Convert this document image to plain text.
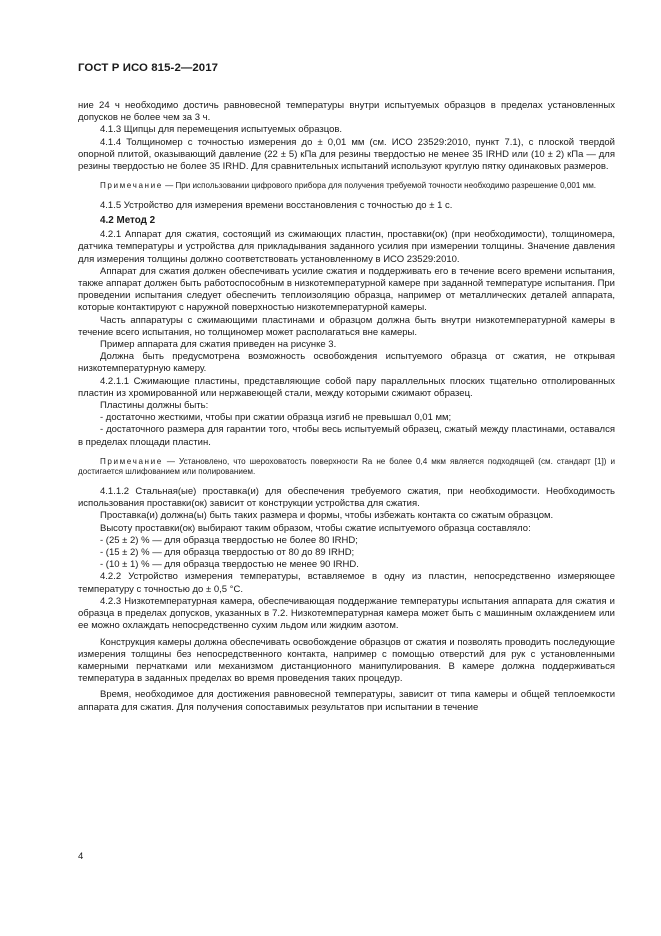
ГОСТ Р ИСО 815-2—2017

ние 24 ч необходимо достичь равновесной температуры внутри испытуемых образцов в пределах установленных допусков не более чем за 3 ч.

4.1.3 Щипцы для перемещения испытуемых образцов.

4.1.4 Толщиномер с точностью измерения до ± 0,01 мм (см. ИСО 23529:2010, пункт 7.1), с плоской твердой опорной плитой, оказывающий давление (22 ± 5) кПа для резины твердостью не менее 35 IRHD или (10 ± 2) кПа — для резины твердостью не более 35 IRHD. Для сравнительных испытаний используют круглую пятку одинаковых размеров.

Примечание — При использовании цифрового прибора для получения требуемой точности необходимо разрешение 0,001 мм.

4.1.5 Устройство для измерения времени восстановления с точностью до ± 1 с.

4.2 Метод 2

4.2.1 Аппарат для сжатия, состоящий из сжимающих пластин, проставки(ок) (при необходимости), толщиномера, датчика температуры и устройства для прикладывания заданного усилия при измерении толщины. Значение давления для измерения толщины должно соответствовать установленному в ИСО 23529:2010.

Аппарат для сжатия должен обеспечивать усилие сжатия и поддерживать его в течение всего времени испытания, также аппарат должен быть работоспособным в низкотемпературной камере при заданной температуре испытания. При проведении испытания следует обеспечить теплоизоляцию образца, например от металлических деталей аппарата, которые контактируют с наружной поверхностью низкотемпературной камеры.

Часть аппаратуры с сжимающими пластинами и образцом должна быть внутри низкотемпературной камеры в течение всего испытания, но толщиномер может располагаться вне камеры.

Пример аппарата для сжатия приведен на рисунке 3.

Должна быть предусмотрена возможность освобождения испытуемого образца от сжатия, не открывая низкотемпературную камеру.

4.2.1.1 Сжимающие пластины, представляющие собой пару параллельных плоских тщательно отполированных пластин из хромированной или нержавеющей стали, между которыми сжимают образец.

Пластины должны быть:

- достаточно жесткими, чтобы при сжатии образца изгиб не превышал 0,01 мм;

- достаточного размера для гарантии того, чтобы весь испытуемый образец, сжатый между пластинами, оставался в пределах площади пластин.

Примечание — Установлено, что шероховатость поверхности Ra не более 0,4 мкм является подходящей (см. стандарт [1]) и достигается шлифованием или полированием.

4.1.1.2 Стальная(ые) проставка(и) для обеспечения требуемого сжатия, при необходимости. Необходимость использования проставки(ок) зависит от конструкции устройства для сжатия.

Проставка(и) должна(ы) быть таких размера и формы, чтобы избежать контакта со сжатым образцом.

Высоту проставки(ок) выбирают таким образом, чтобы сжатие испытуемого образца составляло:

- (25 ± 2) % — для образца твердостью не более 80 IRHD;

- (15 ± 2) % — для образца твердостью от 80 до 89 IRHD;

- (10 ± 1) % — для образца твердостью не менее 90 IRHD.

4.2.2 Устройство измерения температуры, вставляемое в одну из пластин, непосредственно измеряющее температуру с точностью до ± 0,5 °С.

4.2.3 Низкотемпературная камера, обеспечивающая поддержание температуры испытания аппарата для сжатия и образца в пределах допусков, указанных в 7.2. Низкотемпературная камера может быть с машинным охлаждением или ее можно охлаждать непосредственно сухим льдом или жидким азотом.

Конструкция камеры должна обеспечивать освобождение образцов от сжатия и позволять проводить последующие измерения толщины без непосредственного контакта, например с помощью отверстий для рук с установленными камерными перчатками или механизмом дистанционного манипулирования. В камере должна поддерживаться температура в заданных пределах во время проведения таких процедур.

Время, необходимое для достижения равновесной температуры, зависит от типа камеры и общей теплоемкости аппарата для сжатия. Для получения сопоставимых результатов при испытании в течение

4
